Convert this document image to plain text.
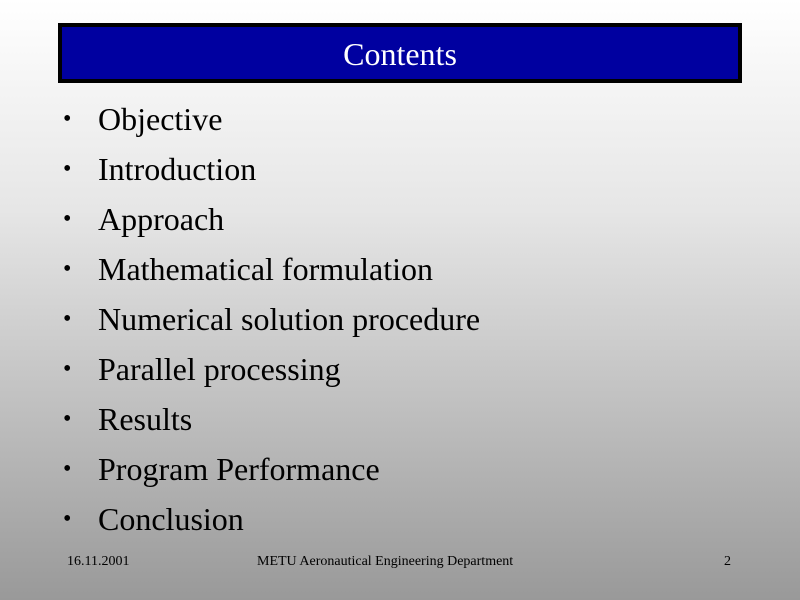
Contents
• Objective
• Introduction
• Approach
• Mathematical formulation
• Numerical solution procedure
• Parallel processing
• Results
• Program Performance
• Conclusion
16.11.2001	METU Aeronautical Engineering Department	2
